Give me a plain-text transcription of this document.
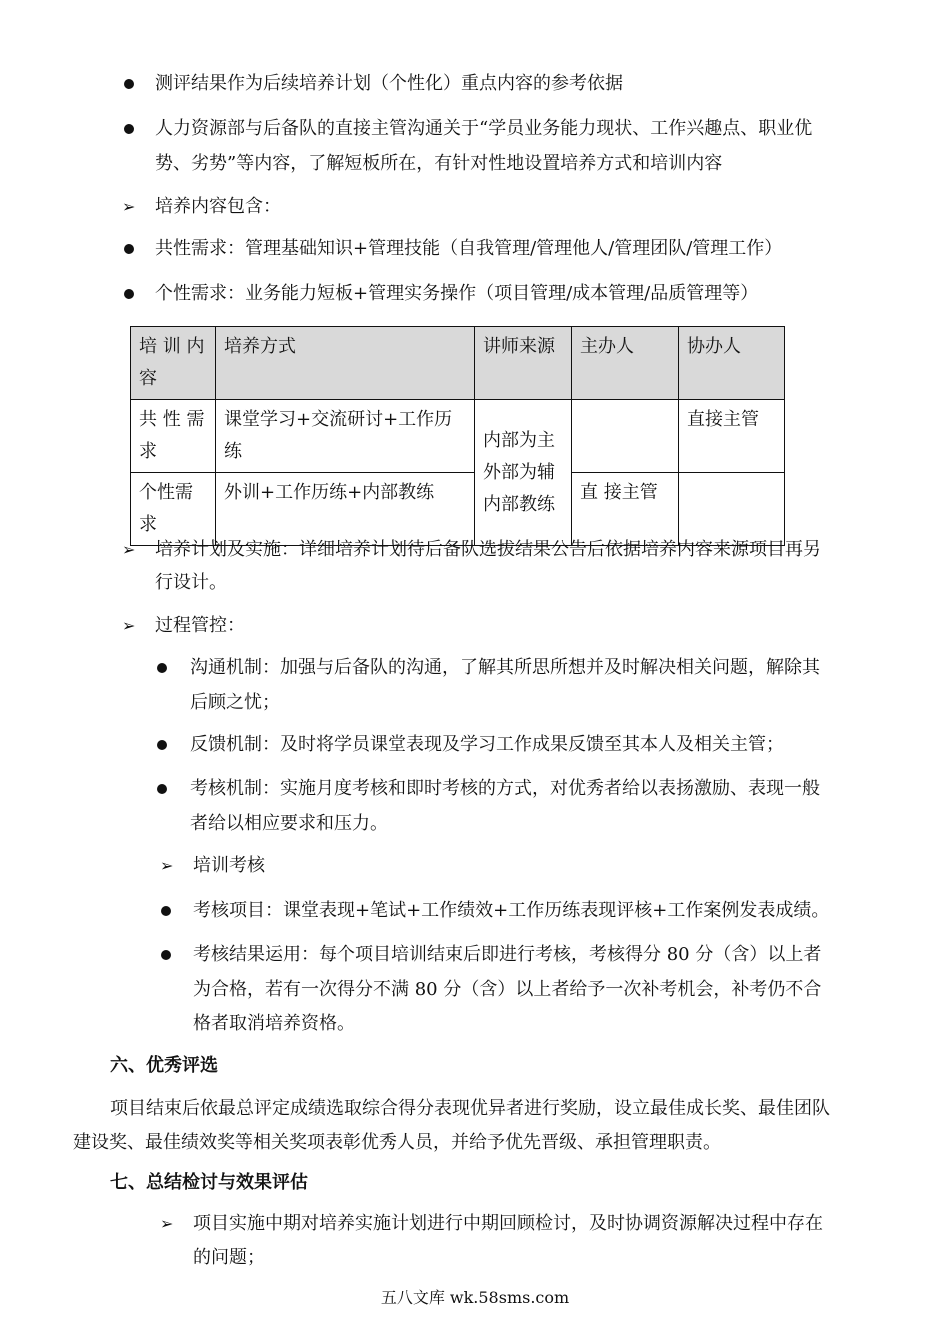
测评结果作为后续培养计划（个性化）重点内容的参考依据
人力资源部与后备队的直接主管沟通关于“学员业务能力现状、工作兴趣点、职业优
势、劣势”等内容，了解短板所在，有针对性地设置培养方式和培训内容
➢ 培养内容包含：
共性需求：管理基础知识+管理技能（自我管理/管理他人/管理团队/管理工作）
个性需求：业务能力短板+管理实务操作（项目管理/成本管理/品质管理等）
培 训 内容	培养方式	讲师来源	主办人	协办人
共 性 需求	课堂学习+交流研讨+工作历练	内部为主外部为辅内部教练		直接主管
个性需求	外训+工作历练+内部教练		直 接主管	
➢ 培养计划及实施：详细培养计划待后备队选拔结果公告后依据培养内容来源项目再另
行设计。
➢ 过程管控：
沟通机制：加强与后备队的沟通，了解其所思所想并及时解决相关问题，解除其
后顾之忧；
反馈机制：及时将学员课堂表现及学习工作成果反馈至其本人及相关主管；
考核机制：实施月度考核和即时考核的方式，对优秀者给以表扬激励、表现一般
者给以相应要求和压力。
➢ 培训考核
考核项目：课堂表现+笔试+工作绩效+工作历练表现评核+工作案例发表成绩。
考核结果运用：每个项目培训结束后即进行考核，考核得分 80 分（含）以上者
为合格，若有一次得分不满 80 分（含）以上者给予一次补考机会，补考仍不合
格者取消培养资格。
六、优秀评选
项目结束后依最总评定成绩选取综合得分表现优异者进行奖励，设立最佳成长奖、最佳团队
建设奖、最佳绩效奖等相关奖项表彰优秀人员，并给予优先晋级、承担管理职责。
七、总结检讨与效果评估
➢ 项目实施中期对培养实施计划进行中期回顾检讨，及时协调资源解决过程中存在
的问题；
五八文库 wk.58sms.com
